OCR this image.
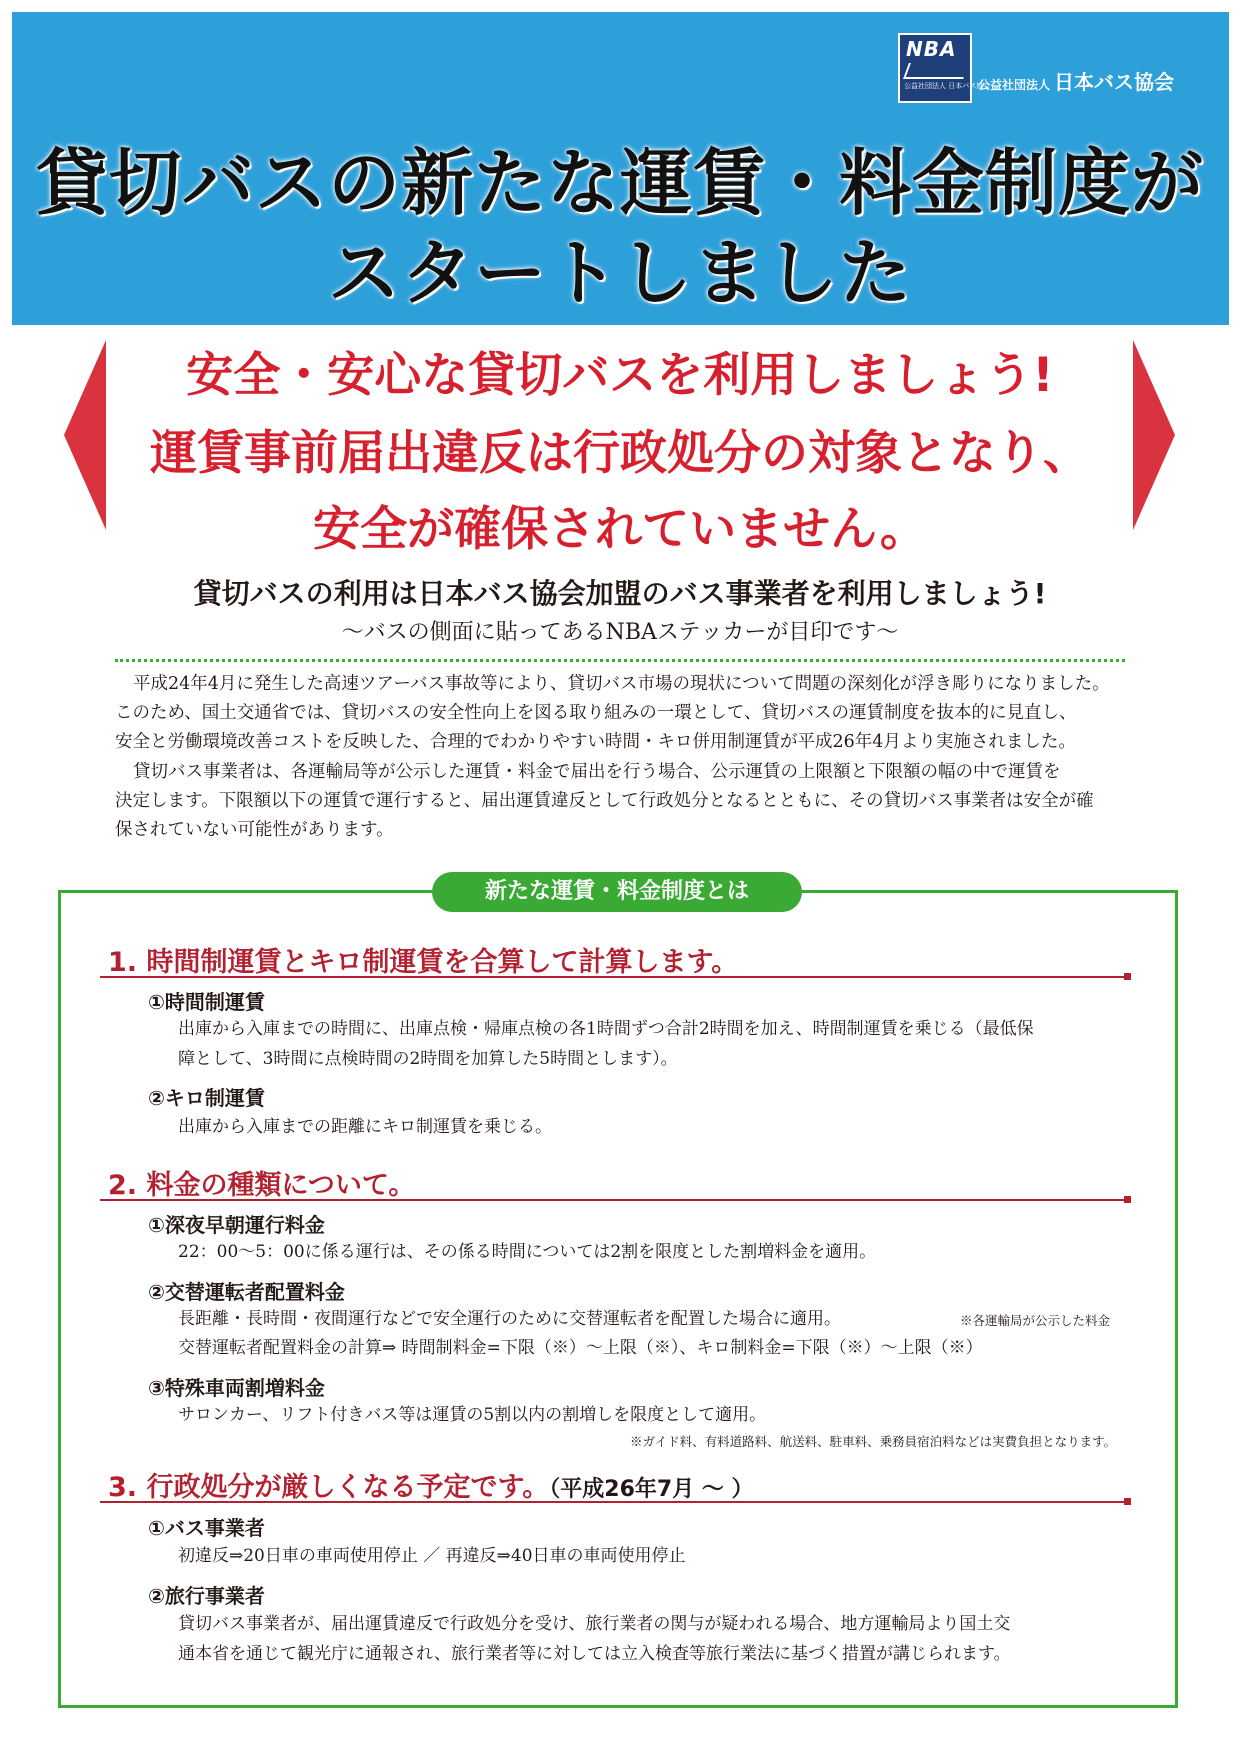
NBA
公益社団法人 日本バス協会
公益社団法人 日本バス協会
貸切バスの新たな運賃・料金制度が
スタートしました
安全・安心な貸切バスを利用しましょう!
運賃事前届出違反は行政処分の対象となり、
安全が確保されていません。
貸切バスの利用は日本バス協会加盟のバス事業者を利用しましょう!
〜バスの側面に貼ってあるNBAステッカーが目印です〜
平成24年4月に発生した高速ツアーバス事故等により、貸切バス市場の現状について問題の深刻化が浮き彫りになりました。
このため、国土交通省では、貸切バスの安全性向上を図る取り組みの一環として、貸切バスの運賃制度を抜本的に見直し、
安全と労働環境改善コストを反映した、合理的でわかりやすい時間・キロ併用制運賃が平成26年4月より実施されました。
貸切バス事業者は、各運輸局等が公示した運賃・料金で届出を行う場合、公示運賃の上限額と下限額の幅の中で運賃を
決定します。下限額以下の運賃で運行すると、届出運賃違反として行政処分となるとともに、その貸切バス事業者は安全が確
保されていない可能性があります。
新たな運賃・料金制度とは
1. 時間制運賃とキロ制運賃を合算して計算します。
①時間制運賃
出庫から入庫までの時間に、出庫点検・帰庫点検の各1時間ずつ合計2時間を加え、時間制運賃を乗じる（最低保
障として、3時間に点検時間の2時間を加算した5時間とします）。
②キロ制運賃
出庫から入庫までの距離にキロ制運賃を乗じる。
2. 料金の種類について。
①深夜早朝運行料金
22：00〜5：00に係る運行は、その係る時間については2割を限度とした割増料金を適用。
②交替運転者配置料金
長距離・長時間・夜間運行などで安全運行のために交替運転者を配置した場合に適用。	※各運輸局が公示した料金
交替運転者配置料金の計算⇒ 時間制料金=下限（※）〜上限（※）、キロ制料金=下限（※）〜上限（※）
③特殊車両割増料金
サロンカー、リフト付きバス等は運賃の5割以内の割増しを限度として適用。
※ガイド料、有料道路料、航送料、駐車料、乗務員宿泊料などは実費負担となります。
3. 行政処分が厳しくなる予定です。（平成26年7月 〜 ）
①バス事業者
初違反⇒20日車の車両使用停止 ／ 再違反⇒40日車の車両使用停止
②旅行事業者
貸切バス事業者が、届出運賃違反で行政処分を受け、旅行業者の関与が疑われる場合、地方運輸局より国土交
通本省を通じて観光庁に通報され、旅行業者等に対しては立入検査等旅行業法に基づく措置が講じられます。
